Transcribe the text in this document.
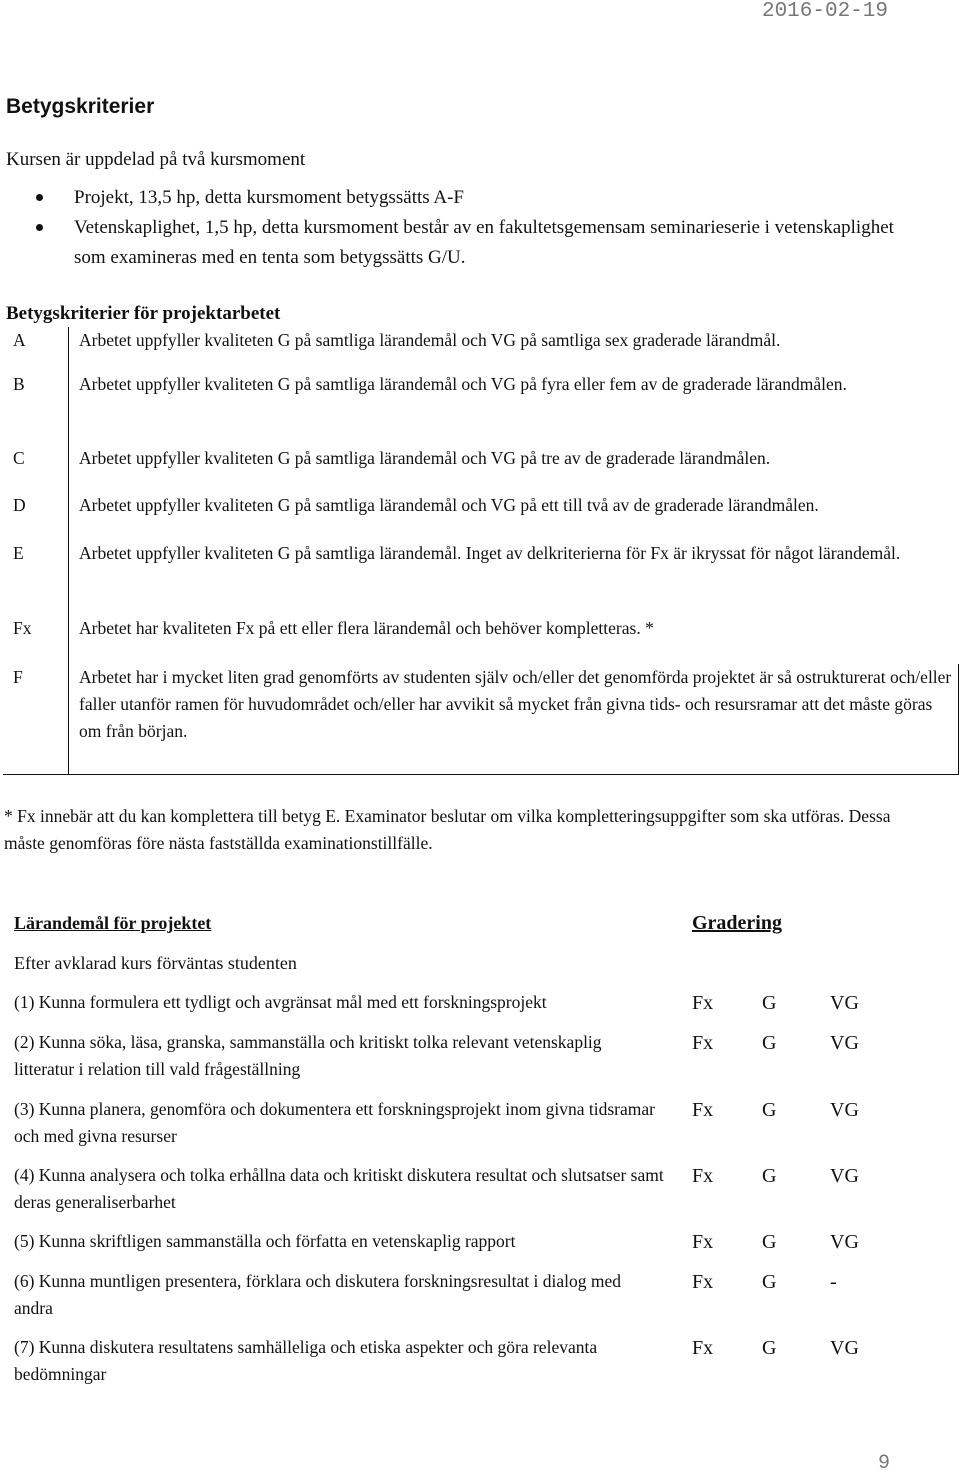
2016-02-19
Betygskriterier
Kursen är uppdelad på två kursmoment
Projekt, 13,5 hp, detta kursmoment betygssätts A-F
Vetenskaplighet, 1,5 hp, detta kursmoment består av en fakultetsgemensam seminarieserie i vetenskaplighet som examineras med en tenta som betygssätts G/U.
Betygskriterier för projektarbetet
A	Arbetet uppfyller kvaliteten G på samtliga lärandemål och VG på samtliga sex graderade lärandmål.
B	Arbetet uppfyller kvaliteten G på samtliga lärandemål och VG på fyra eller fem av de graderade lärandmålen.
C	Arbetet uppfyller kvaliteten G på samtliga lärandemål och VG på tre av de graderade lärandmålen.
D	Arbetet uppfyller kvaliteten G på samtliga lärandemål och VG på ett till två av de graderade lärandmålen.
E	Arbetet uppfyller kvaliteten G på samtliga lärandemål. Inget av delkriterierna för Fx är ikryssat för något lärandemål.
Fx	Arbetet har kvaliteten Fx på ett eller flera lärandemål och behöver kompletteras. *
F	Arbetet har i mycket liten grad genomförts av studenten själv och/eller det genomförda projektet är så ostrukturerat och/eller faller utanför ramen för huvudområdet och/eller har avvikit så mycket från givna tids- och resursramar att det måste göras om från början.
* Fx innebär att du kan komplettera till betyg E. Examinator beslutar om vilka kompletteringsuppgifter som ska utföras. Dessa måste genomföras före nästa fastställda examinationstillfälle.
Lärandemål för projektet	Gradering
Efter avklarad kurs förväntas studenten
(1) Kunna formulera ett tydligt och avgränsat mål med ett forskningsprojekt	Fx G	VG
(2) Kunna söka, läsa, granska, sammanställa och kritiskt tolka relevant vetenskaplig litteratur i relation till vald frågeställning
Fx G	VG
(3) Kunna planera, genomföra och dokumentera ett forskningsprojekt inom givna tidsramar och med givna resurser
Fx G	VG
(4) Kunna analysera och tolka erhållna data och kritiskt diskutera resultat och slutsatser samt deras generaliserbarhet
Fx G	VG
(5) Kunna skriftligen sammanställa och författa en vetenskaplig rapport	Fx G	VG
(6) Kunna muntligen presentera, förklara och diskutera forskningsresultat i dialog med andra
Fx G	-
(7) Kunna diskutera resultatens samhälleliga och etiska aspekter och göra relevanta bedömningar
Fx G	VG
9
